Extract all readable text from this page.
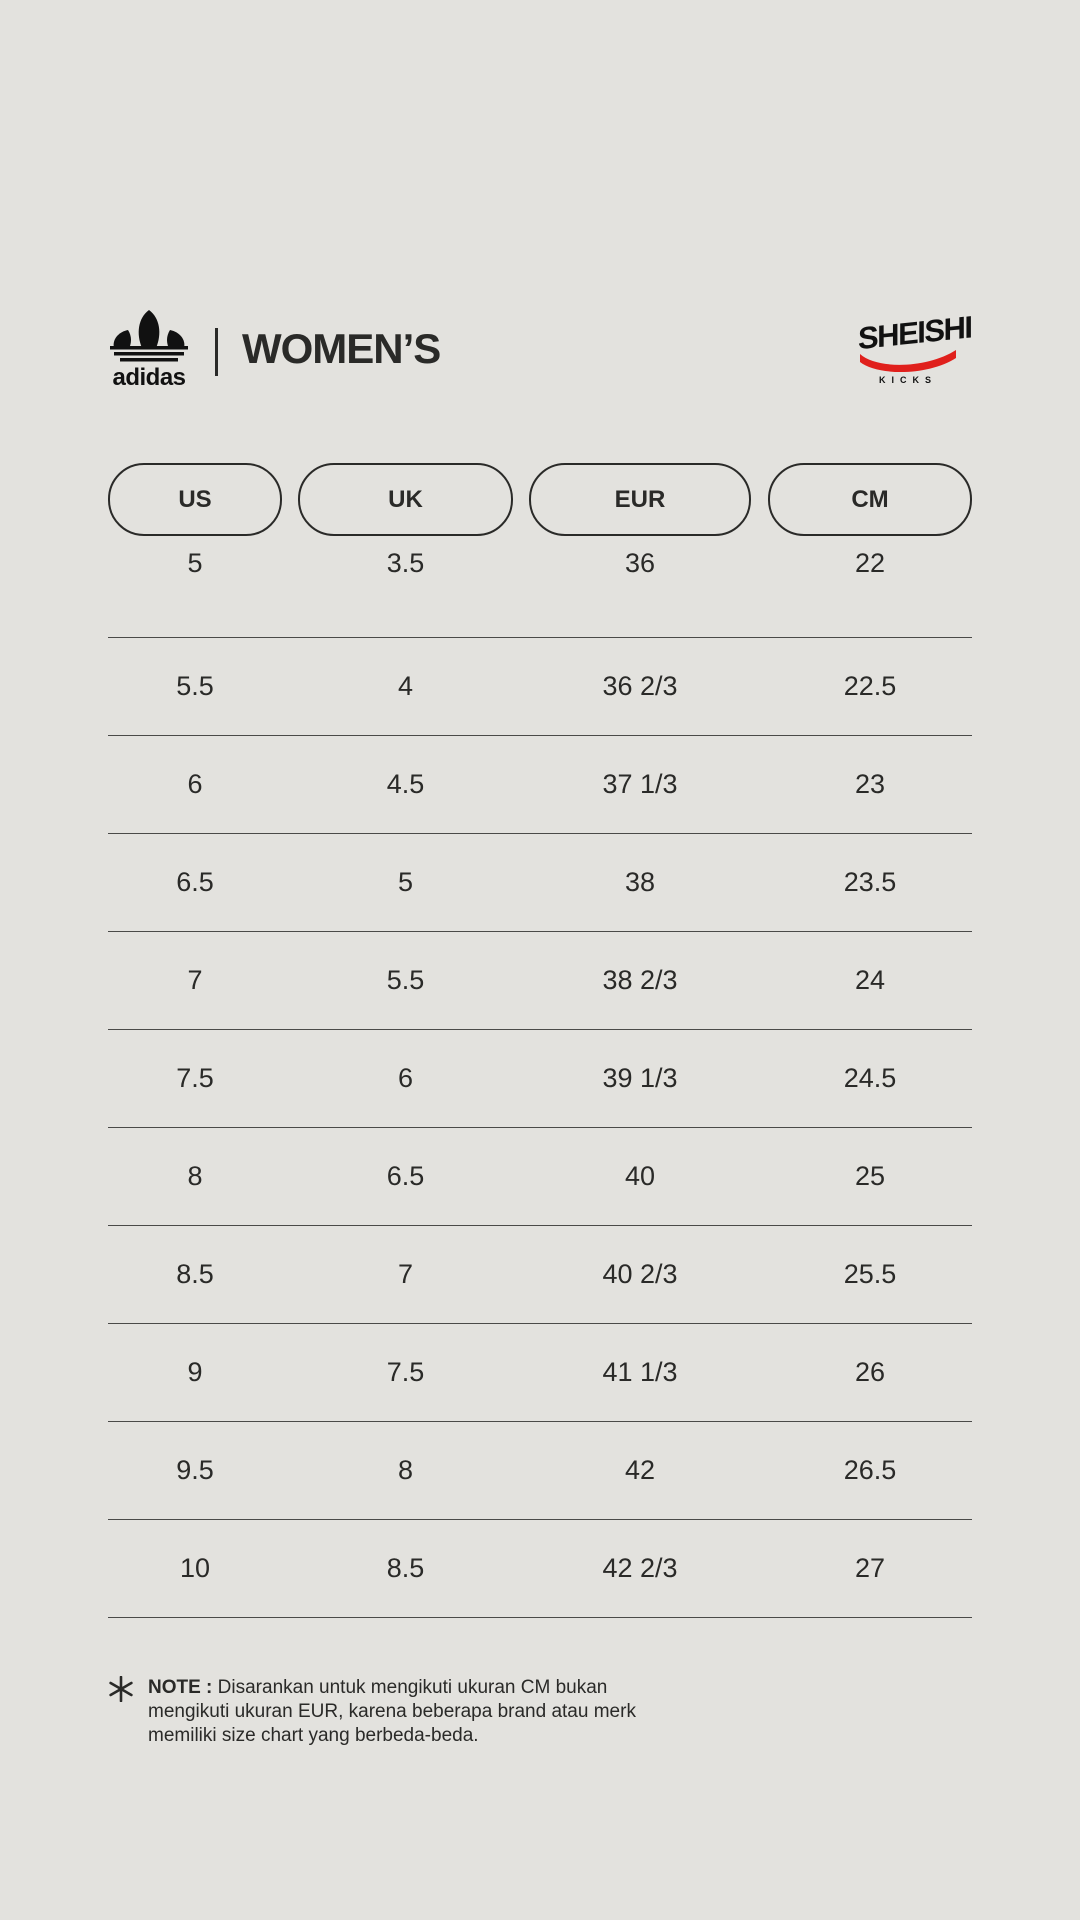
adidas
WOMEN’S	SHEISHI
KICKS
US	UK	EUR	CM
5	3.5	36	22
5.5	4	36 2/3	22.5
6	4.5	37 1/3	23
6.5	5	38	23.5
7	5.5	38 2/3	24
7.5	6	39 1/3	24.5
8	6.5	40	25
8.5	7	40 2/3	25.5
9	7.5	41 1/3	26
9.5	8	42	26.5
10	8.5	42 2/3	27
NOTE : Disarankan untuk mengikuti ukuran CM bukan mengikuti ukuran EUR, karena beberapa brand atau merk memiliki size chart yang berbeda-beda.
